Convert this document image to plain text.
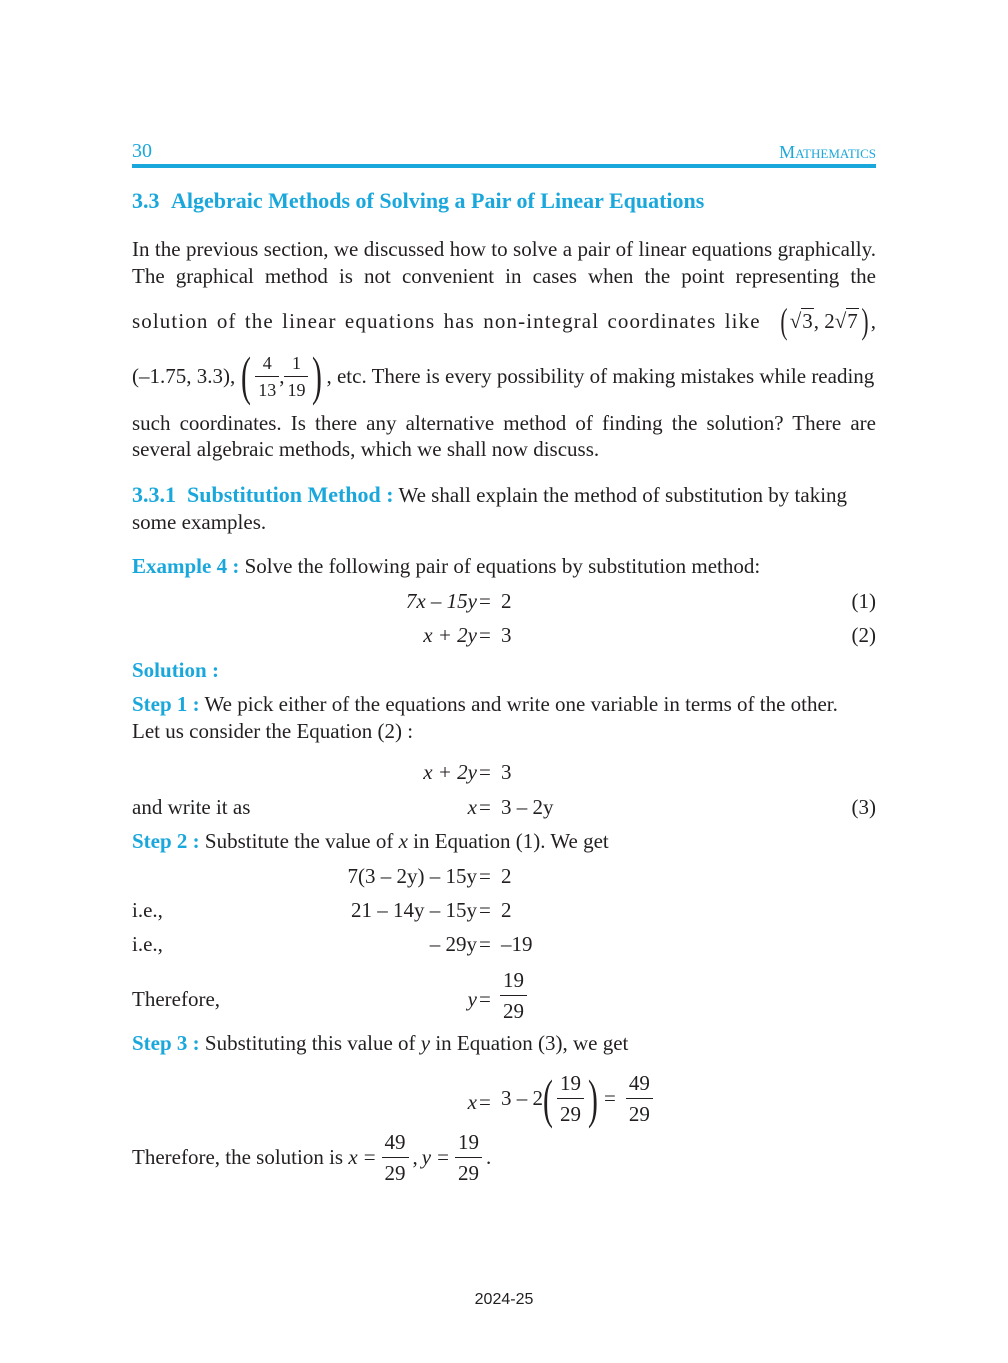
30	Mathematics
3.3 Algebraic Methods of Solving a Pair of Linear Equations
In the previous section, we discussed how to solve a pair of linear equations graphically.
The graphical method is not convenient in cases when the point representing the
solution of the linear equations has non-integral coordinates like ( √3 , 2 √7 ) ,
(–1.75, 3.3), ( $\frac{4}{13}$ , $\frac{1}{19}$ ) , etc. There is every possibility of making mistakes while reading
such coordinates. Is there any alternative method of finding the solution? There are
several algebraic methods, which we shall now discuss.
3.3.1  Substitution Method : We shall explain the method of substitution by taking
some examples.
Example 4 : Solve the following pair of equations by substitution method:
7x – 15y = 2	(1)
x + 2y = 3	(2)
Solution :
Step 1 : We pick either of the equations and write one variable in terms of the other.
Let us consider the Equation (2) :
x + 2y = 3
and write it as	x = 3 – 2y	(3)
Step 2 : Substitute the value of x in Equation (1). We get
7(3 – 2y) – 15y = 2
i.e.,	21 – 14y – 15y = 2
i.e.,	– 29y = –19
Therefore,	$y = \frac{19}{29}$
Step 3 : Substituting this value of y in Equation (3), we get
x = 3 – 2 ( $\frac{19}{29}$ ) = $\frac{49}{29}$
Therefore, the solution is $x = \frac{49}{29}$ , $y = \frac{19}{29}$ .
2024-25
